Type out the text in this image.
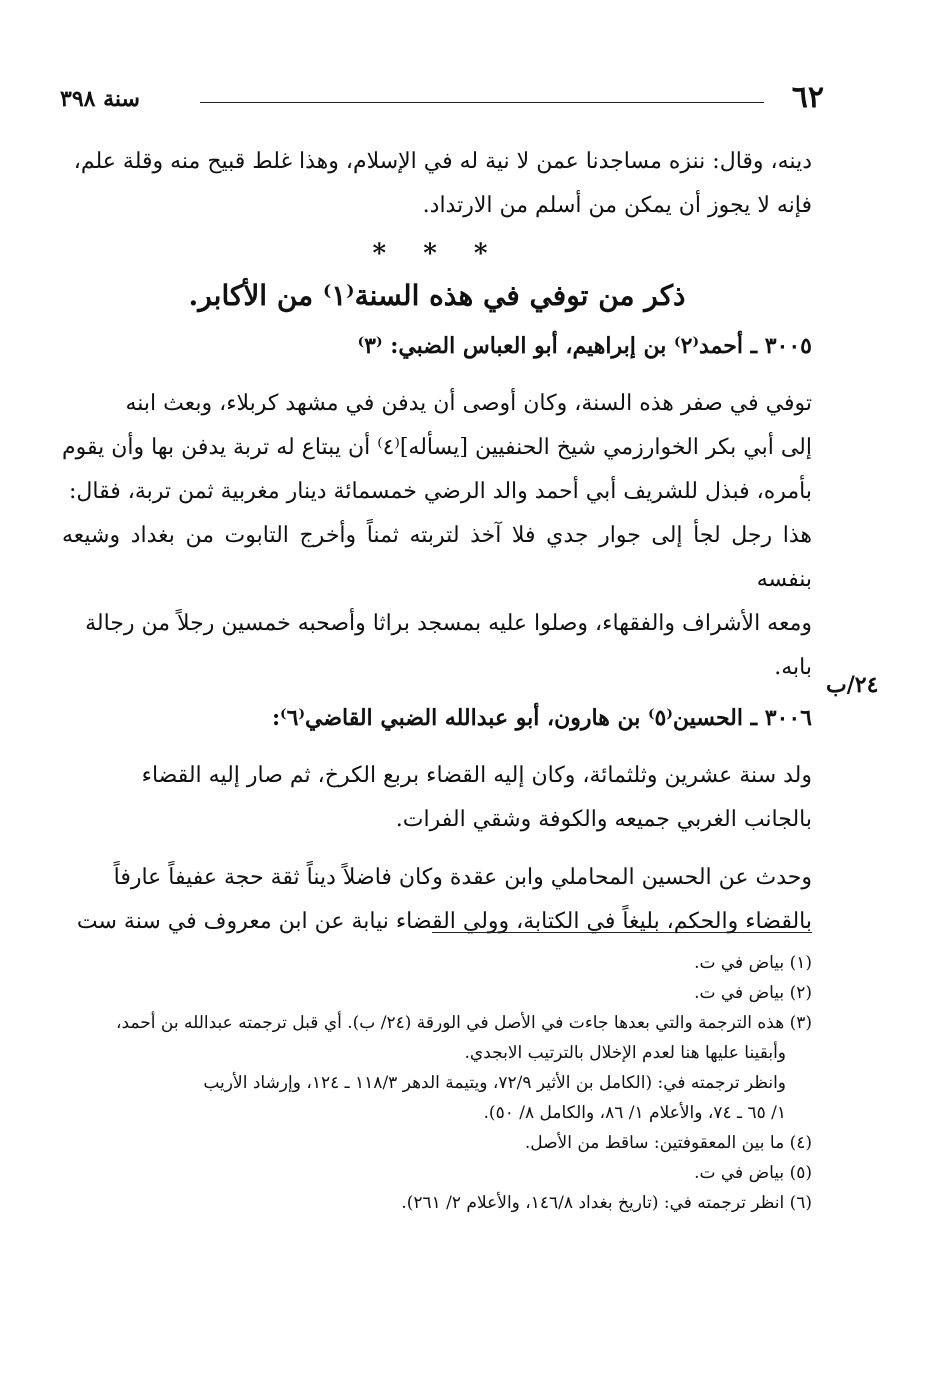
٦٢
سنة ٣٩٨

دينه، وقال: ننزه مساجدنا عمن لا نية له في الإسلام، وهذا غلط قبيح منه وقلة علم،

فإنه لا يجوز أن يمكن من أسلم من الارتداد.

* * *

ذكر من توفي في هذه السنة⁽١⁾ من الأكابر.

٣٠٠٥ ـ أحمد⁽٢⁾ بن إبراهيم، أبو العباس الضبي: ⁽٣⁾

توفي في صفر هذه السنة، وكان أوصى أن يدفن في مشهد كربلاء، وبعث ابنه

إلى أبي بكر الخوارزمي شيخ الحنفيين [يسأله]⁽٤⁾ أن يبتاع له تربة يدفن بها وأن يقوم

بأمره، فبذل للشريف أبي أحمد والد الرضي خمسمائة دينار مغربية ثمن تربة، فقال:

هذا رجل لجأ إلى جوار جدي فلا آخذ لتربته ثمناً وأخرج التابوت من بغداد وشيعه بنفسه

ومعه الأشراف والفقهاء، وصلوا عليه بمسجد براثا وأصحبه خمسين رجلاً من رجالة

بابه.

٣٠٠٦ ـ الحسين⁽٥⁾ بن هارون، أبو عبدالله الضبي القاضي⁽٦⁾:

ولد سنة عشرين وثلثمائة، وكان إليه القضاء بربع الكرخ، ثم صار إليه القضاء

بالجانب الغربي جميعه والكوفة وشقي الفرات.

وحدث عن الحسين المحاملي وابن عقدة وكان فاضلاً ديناً ثقة حجة عفيفاً عارفاً

بالقضاء والحكم، بليغاً في الكتابة، وولي القضاء نيابة عن ابن معروف في سنة ست

٢٤/ب

(١) بياض في ت.

(٢) بياض في ت.

(٣) هذه الترجمة والتي بعدها جاءت في الأصل في الورقة (٢٤/ ب). أي قبل ترجمته عبدالله بن أحمد،

وأبقينا عليها هنا لعدم الإخلال بالترتيب الابجدي.

وانظر ترجمته في: (الكامل بن الأثير ٧٢/٩، ويتيمة الدهر ١١٨/٣ ـ ١٢٤، وإرشاد الأريب

١/ ٦٥ ـ ٧٤، والأعلام ١/ ٨٦، والكامل ٨/ ٥٠).

(٤) ما بين المعقوفتين: ساقط من الأصل.

(٥) بياض في ت.

(٦) انظر ترجمته في: (تاريخ بغداد ١٤٦/٨، والأعلام ٢/ ٢٦١).
